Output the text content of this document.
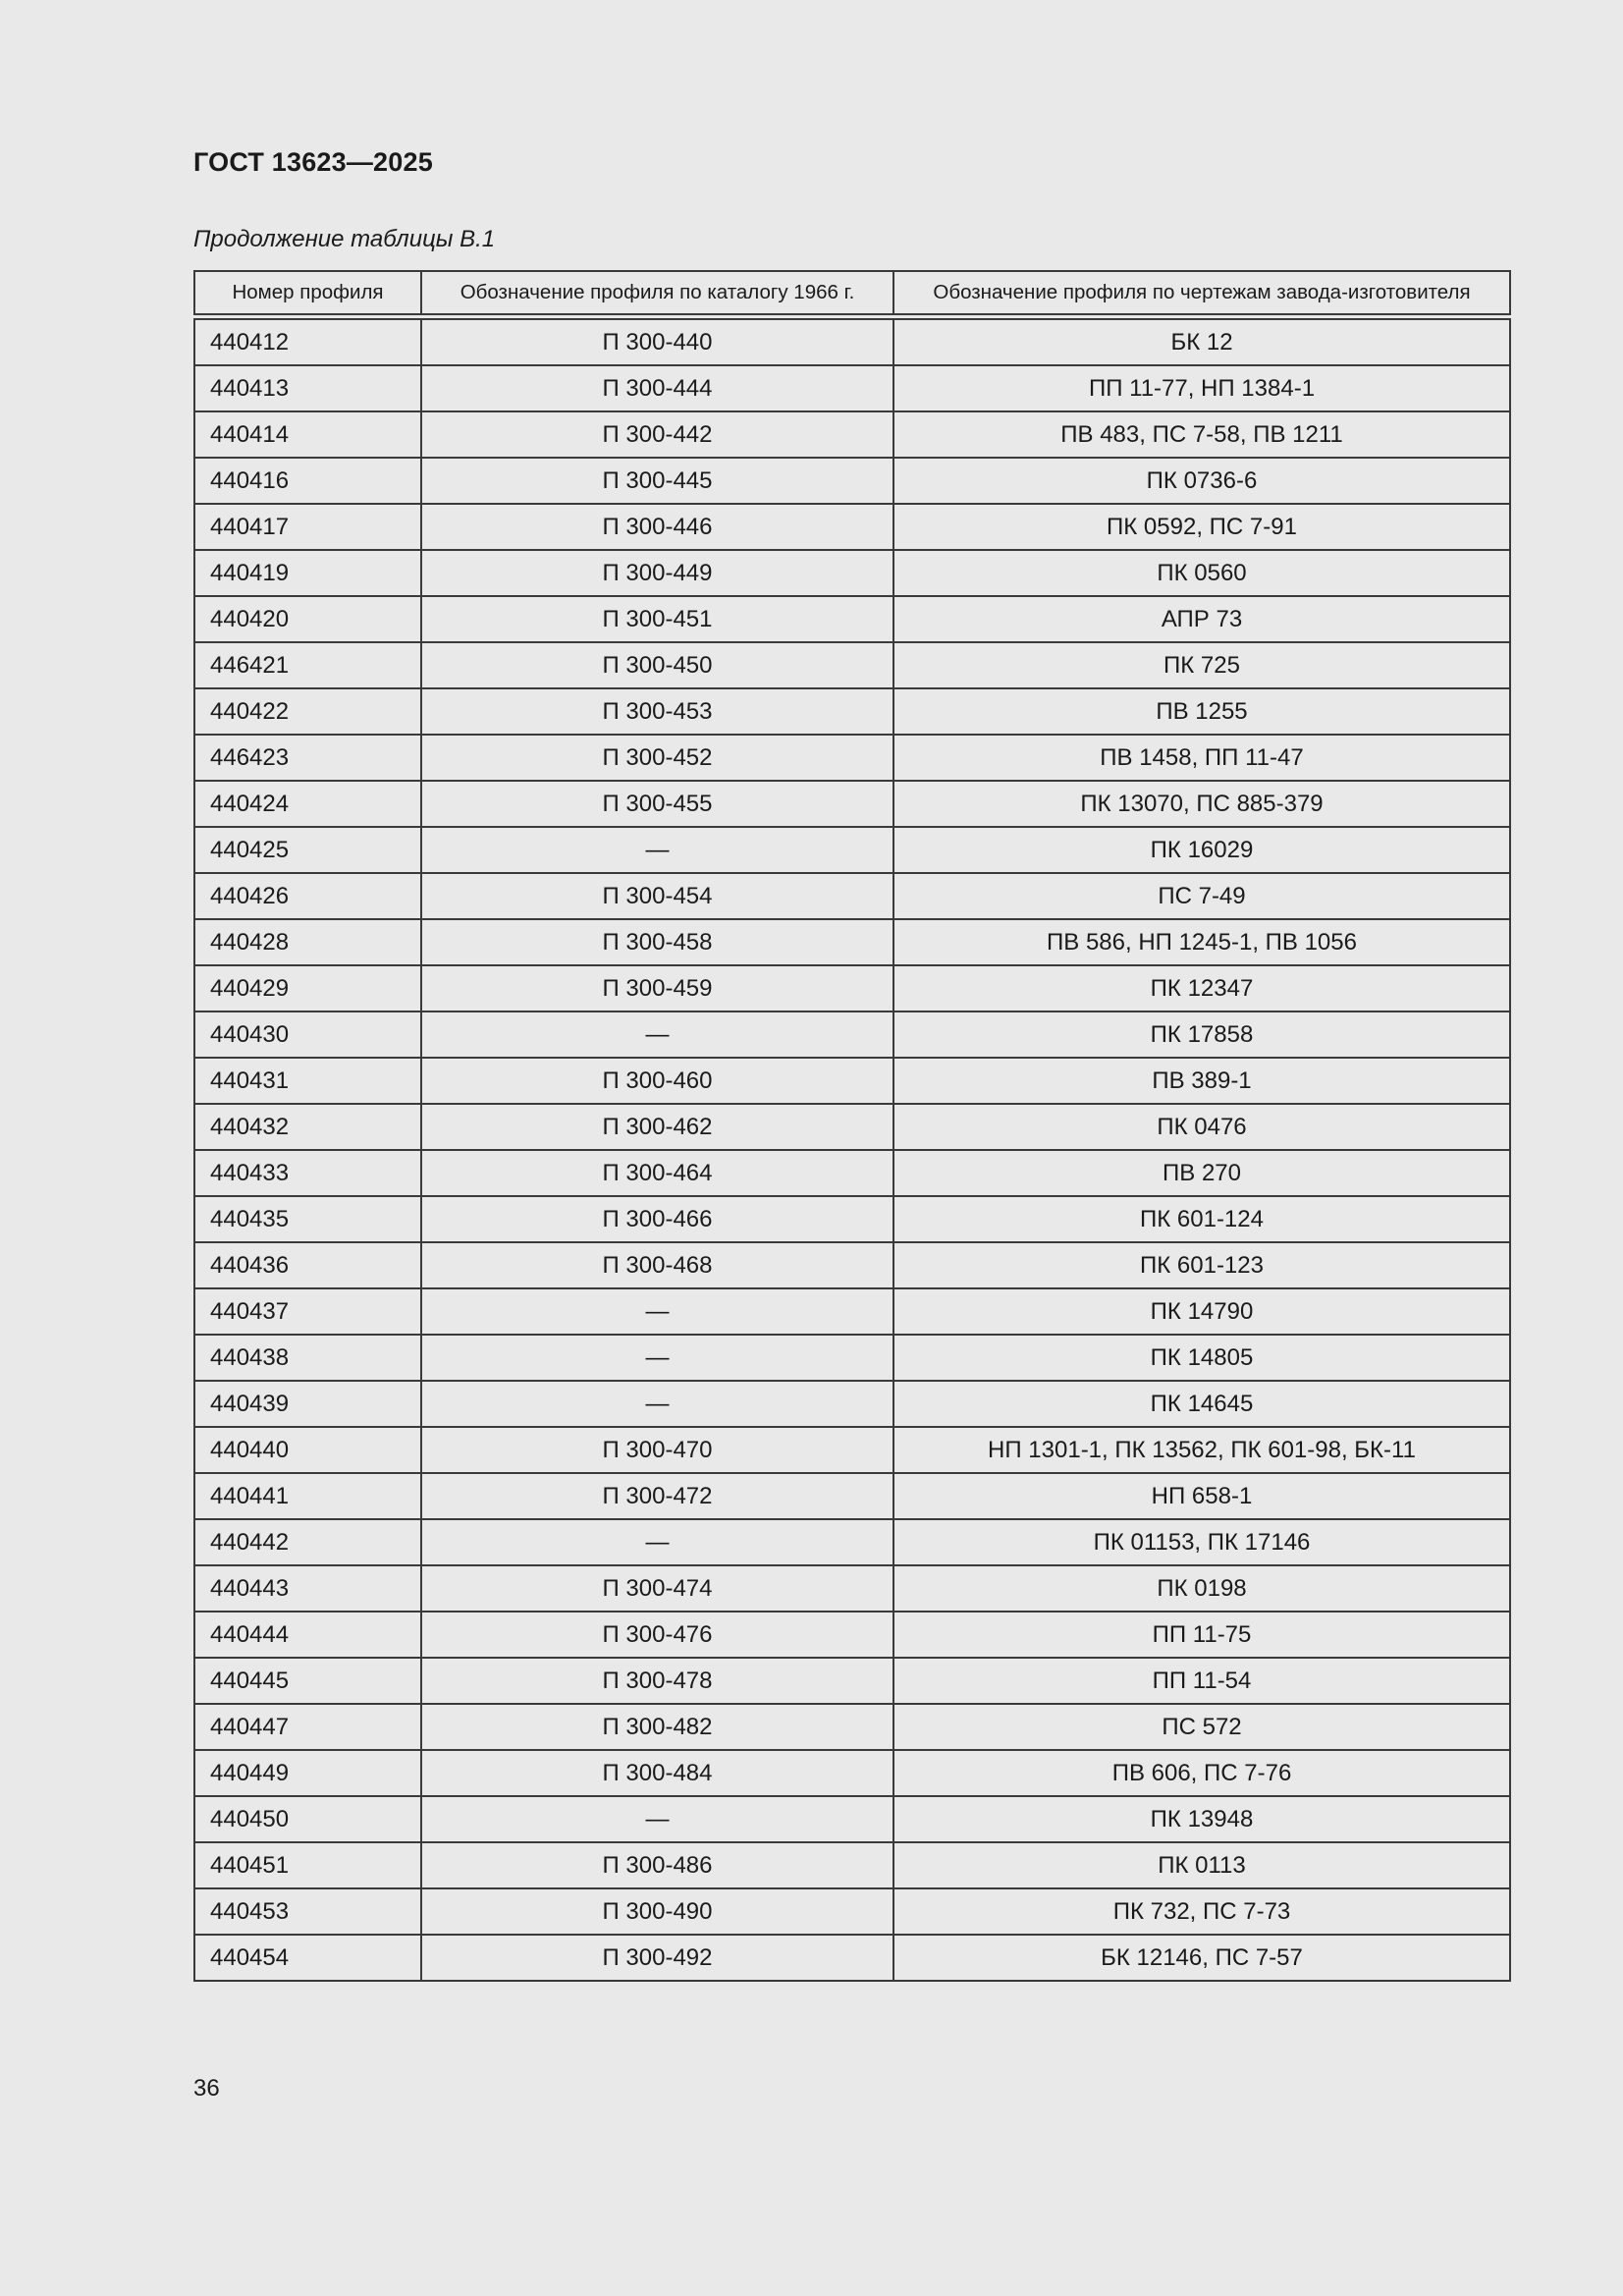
ГОСТ 13623—2025
Продолжение таблицы В.1
Номер профиля	Обозначение профиля по каталогу 1966 г.	Обозначение профиля по чертежам завода-изготовителя

440412	П 300-440	БК 12
440413	П 300-444	ПП 11-77, НП 1384-1
440414	П 300-442	ПВ 483, ПС 7-58, ПВ 1211
440416	П 300-445	ПК 0736-6
440417	П 300-446	ПК 0592, ПС 7-91
440419	П 300-449	ПК 0560
440420	П 300-451	АПР 73
446421	П 300-450	ПК 725
440422	П 300-453	ПВ 1255
446423	П 300-452	ПВ 1458, ПП 11-47
440424	П 300-455	ПК 13070, ПС 885-379
440425	—	ПК 16029
440426	П 300-454	ПС 7-49
440428	П 300-458	ПВ 586, НП 1245-1, ПВ 1056
440429	П 300-459	ПК 12347
440430	—	ПК 17858
440431	П 300-460	ПВ 389-1
440432	П 300-462	ПК 0476
440433	П 300-464	ПВ 270
440435	П 300-466	ПК 601-124
440436	П 300-468	ПК 601-123
440437	—	ПК 14790
440438	—	ПК 14805
440439	—	ПК 14645
440440	П 300-470	НП 1301-1, ПК 13562, ПК 601-98, БК-11
440441	П 300-472	НП 658-1
440442	—	ПК 01153, ПК 17146
440443	П 300-474	ПК 0198
440444	П 300-476	ПП 11-75
440445	П 300-478	ПП 11-54
440447	П 300-482	ПС 572
440449	П 300-484	ПВ 606, ПС 7-76
440450	—	ПК 13948
440451	П 300-486	ПК 0113
440453	П 300-490	ПК 732, ПС 7-73
440454	П 300-492	БК 12146, ПС 7-57
36
